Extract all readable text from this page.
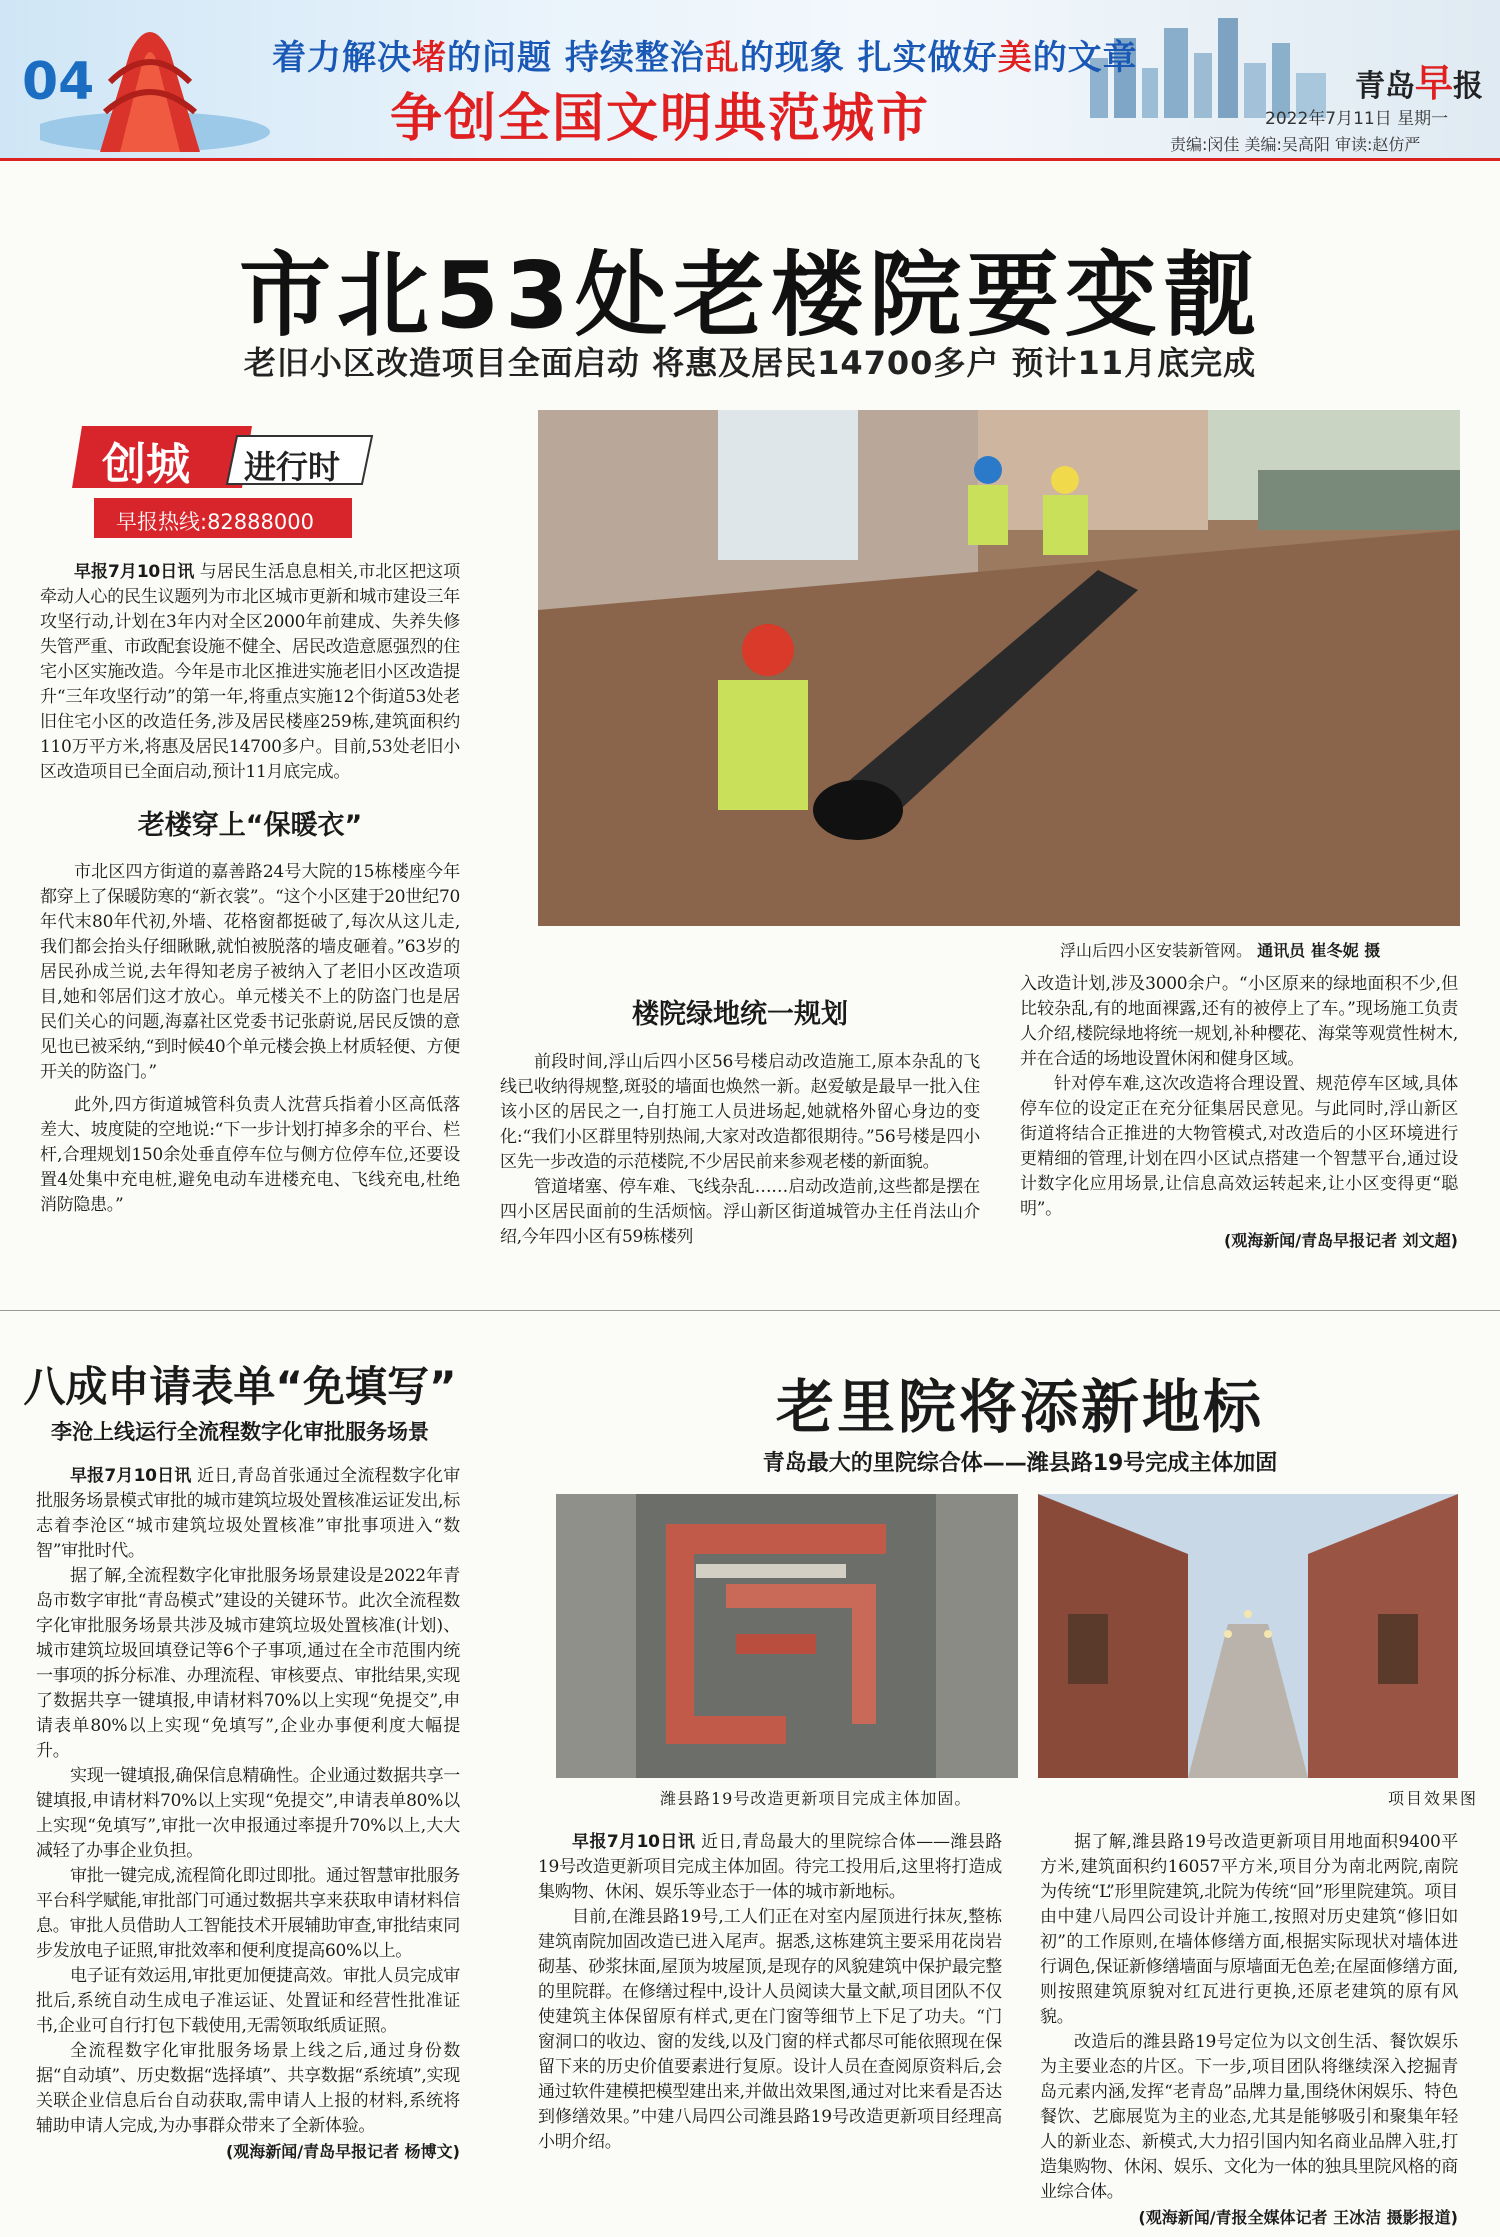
04	着力解决堵的问题 持续整治乱的现象 扎实做好美的文章
争创全国文明典范城市
青岛早报
2022年7月11日 星期一
责编:闵佳 美编:吴高阳 审读:赵仿严
市北53处老楼院要变靓
老旧小区改造项目全面启动 将惠及居民14700多户 预计11月底完成
创城 进行时
早报热线:82888000

早报7月10日讯 与居民生活息息相关,市北区把这项牵动人心的民生议题列为市北区城市更新和城市建设三年攻坚行动,计划在3年内对全区2000年前建成、失养失修失管严重、市政配套设施不健全、居民改造意愿强烈的住宅小区实施改造。今年是市北区推进实施老旧小区改造提升“三年攻坚行动”的第一年,将重点实施12个街道53处老旧住宅小区的改造任务,涉及居民楼座259栋,建筑面积约110万平方米,将惠及居民14700多户。目前,53处老旧小区改造项目已全面启动,预计11月底完成。

老楼穿上“保暖衣”

市北区四方街道的嘉善路24号大院的15栋楼座今年都穿上了保暖防寒的“新衣裳”。“这个小区建于20世纪70年代末80年代初,外墙、花格窗都挺破了,每次从这儿走,我们都会抬头仔细瞅瞅,就怕被脱落的墙皮砸着。”63岁的居民孙成兰说,去年得知老房子被纳入了老旧小区改造项目,她和邻居们这才放心。单元楼关不上的防盗门也是居民们关心的问题,海嘉社区党委书记张蔚说,居民反馈的意见也已被采纳,“到时候40个单元楼会换上材质轻便、方便开关的防盗门。”

此外,四方街道城管科负责人沈营兵指着小区高低落差大、坡度陡的空地说:“下一步计划打掉多余的平台、栏杆,合理规划150余处垂直停车位与侧方位停车位,还要设置4处集中充电桩,避免电动车进楼充电、飞线充电,杜绝消防隐患。”

浮山后四小区安装新管网。 通讯员 崔冬妮 摄
楼院绿地统一规划

前段时间,浮山后四小区56号楼启动改造施工,原本杂乱的飞线已收纳得规整,斑驳的墙面也焕然一新。赵爱敏是最早一批入住该小区的居民之一,自打施工人员进场起,她就格外留心身边的变化:“我们小区群里特别热闹,大家对改造都很期待。”56号楼是四小区先一步改造的示范楼院,不少居民前来参观老楼的新面貌。

管道堵塞、停车难、飞线杂乱……启动改造前,这些都是摆在四小区居民面前的生活烦恼。浮山新区街道城管办主任肖法山介绍,今年四小区有59栋楼列

入改造计划,涉及3000余户。“小区原来的绿地面积不少,但比较杂乱,有的地面裸露,还有的被停上了车。”现场施工负责人介绍,楼院绿地将统一规划,补种樱花、海棠等观赏性树木,并在合适的场地设置休闲和健身区域。

针对停车难,这次改造将合理设置、规范停车区域,具体停车位的设定正在充分征集居民意见。与此同时,浮山新区街道将结合正推进的大物管模式,对改造后的小区环境进行更精细的管理,计划在四小区试点搭建一个智慧平台,通过设计数字化应用场景,让信息高效运转起来,让小区变得更“聪明”。

(观海新闻/青岛早报记者 刘文超)
八成申请表单“免填写”
李沧上线运行全流程数字化审批服务场景

早报7月10日讯 近日,青岛首张通过全流程数字化审批服务场景模式审批的城市建筑垃圾处置核准运证发出,标志着李沧区“城市建筑垃圾处置核准”审批事项进入“数智”审批时代。

据了解,全流程数字化审批服务场景建设是2022年青岛市数字审批“青岛模式”建设的关键环节。此次全流程数字化审批服务场景共涉及城市建筑垃圾处置核准(计划)、城市建筑垃圾回填登记等6个子事项,通过在全市范围内统一事项的拆分标准、办理流程、审核要点、审批结果,实现了数据共享一键填报,申请材料70%以上实现“免提交”,申请表单80%以上实现“免填写”,企业办事便利度大幅提升。

实现一键填报,确保信息精确性。企业通过数据共享一键填报,申请材料70%以上实现“免提交”,申请表单80%以上实现“免填写”,审批一次申报通过率提升70%以上,大大减轻了办事企业负担。

审批一键完成,流程简化即过即批。通过智慧审批服务平台科学赋能,审批部门可通过数据共享来获取申请材料信息。审批人员借助人工智能技术开展辅助审查,审批结束同步发放电子证照,审批效率和便利度提高60%以上。

电子证有效运用,审批更加便捷高效。审批人员完成审批后,系统自动生成电子准运证、处置证和经营性批准证书,企业可自行打包下载使用,无需领取纸质证照。

全流程数字化审批服务场景上线之后,通过身份数据“自动填”、历史数据“选择填”、共享数据“系统填”,实现关联企业信息后台自动获取,需申请人上报的材料,系统将辅助申请人完成,为办事群众带来了全新体验。

(观海新闻/青岛早报记者 杨博文)
老里院将添新地标
青岛最大的里院综合体——潍县路19号完成主体加固
潍县路19号改造更新项目完成主体加固。	项目效果图

早报7月10日讯 近日,青岛最大的里院综合体——潍县路19号改造更新项目完成主体加固。待完工投用后,这里将打造成集购物、休闲、娱乐等业态于一体的城市新地标。

目前,在潍县路19号,工人们正在对室内屋顶进行抹灰,整栋建筑南院加固改造已进入尾声。据悉,这栋建筑主要采用花岗岩砌基、砂浆抹面,屋顶为坡屋顶,是现存的风貌建筑中保护最完整的里院群。在修缮过程中,设计人员阅读大量文献,项目团队不仅使建筑主体保留原有样式,更在门窗等细节上下足了功夫。“门窗洞口的收边、窗的发线,以及门窗的样式都尽可能依照现在保留下来的历史价值要素进行复原。设计人员在查阅原资料后,会通过软件建模把模型建出来,并做出效果图,通过对比来看是否达到修缮效果。”中建八局四公司潍县路19号改造更新项目经理高小明介绍。

据了解,潍县路19号改造更新项目用地面积9400平方米,建筑面积约16057平方米,项目分为南北两院,南院为传统“L”形里院建筑,北院为传统“回”形里院建筑。项目由中建八局四公司设计并施工,按照对历史建筑“修旧如初”的工作原则,在墙体修缮方面,根据实际现状对墙体进行调色,保证新修缮墙面与原墙面无色差;在屋面修缮方面,则按照建筑原貌对红瓦进行更换,还原老建筑的原有风貌。

改造后的潍县路19号定位为以文创生活、餐饮娱乐为主要业态的片区。下一步,项目团队将继续深入挖掘青岛元素内涵,发挥“老青岛”品牌力量,围绕休闲娱乐、特色餐饮、艺廊展览为主的业态,尤其是能够吸引和聚集年轻人的新业态、新模式,大力招引国内知名商业品牌入驻,打造集购物、休闲、娱乐、文化为一体的独具里院风格的商业综合体。

(观海新闻/青报全媒体记者 王冰洁 摄影报道)
